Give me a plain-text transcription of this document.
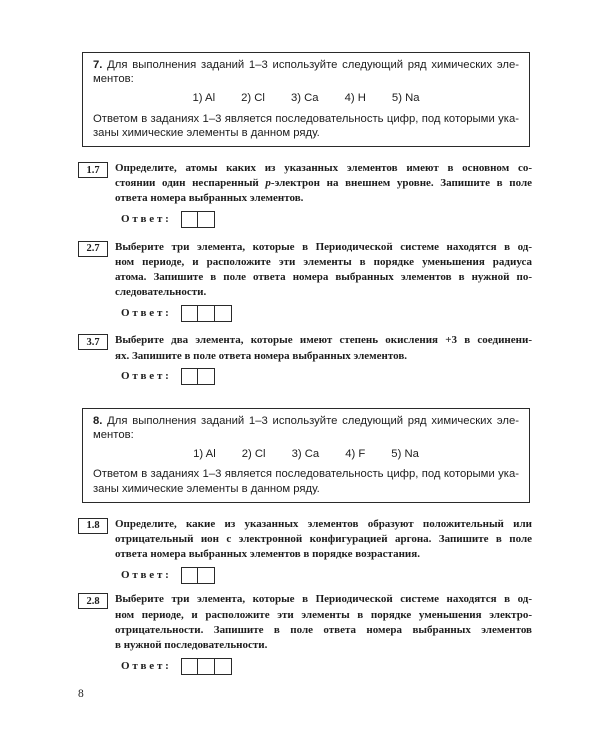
7. Для выполнения заданий 1–3 используйте следующий ряд химических эле-
ментов:
1) Al 2) Cl 3) Ca 4) H 5) Na
Ответом в заданиях 1–3 является последовательность цифр, под которыми ука-
заны химические элементы в данном ряду.
1.7	Определите, атомы каких из указанных элементов имеют в основном со-
стоянии один неспаренный p-электрон на внешнем уровне. Запишите в поле
ответа номера выбранных элементов.
Ответ:
2.7	Выберите три элемента, которые в Периодической системе находятся в од-
ном периоде, и расположите эти элементы в порядке уменьшения радиуса
атома. Запишите в поле ответа номера выбранных элементов в нужной по-
следовательности.
Ответ:
3.7	Выберите два элемента, которые имеют степень окисления +3 в соединени-
ях. Запишите в поле ответа номера выбранных элементов.
Ответ:
8. Для выполнения заданий 1–3 используйте следующий ряд химических эле-
ментов:
1) Al 2) Cl 3) Ca 4) F 5) Na
Ответом в заданиях 1–3 является последовательность цифр, под которыми ука-
заны химические элементы в данном ряду.
1.8	Определите, какие из указанных элементов образуют положительный или
отрицательный ион с электронной конфигурацией аргона. Запишите в поле
ответа номера выбранных элементов в порядке возрастания.
Ответ:
2.8	Выберите три элемента, которые в Периодической системе находятся в од-
ном периоде, и расположите эти элементы в порядке уменьшения электро-
отрицательности. Запишите в поле ответа номера выбранных элементов
в нужной последовательности.
Ответ:
8
